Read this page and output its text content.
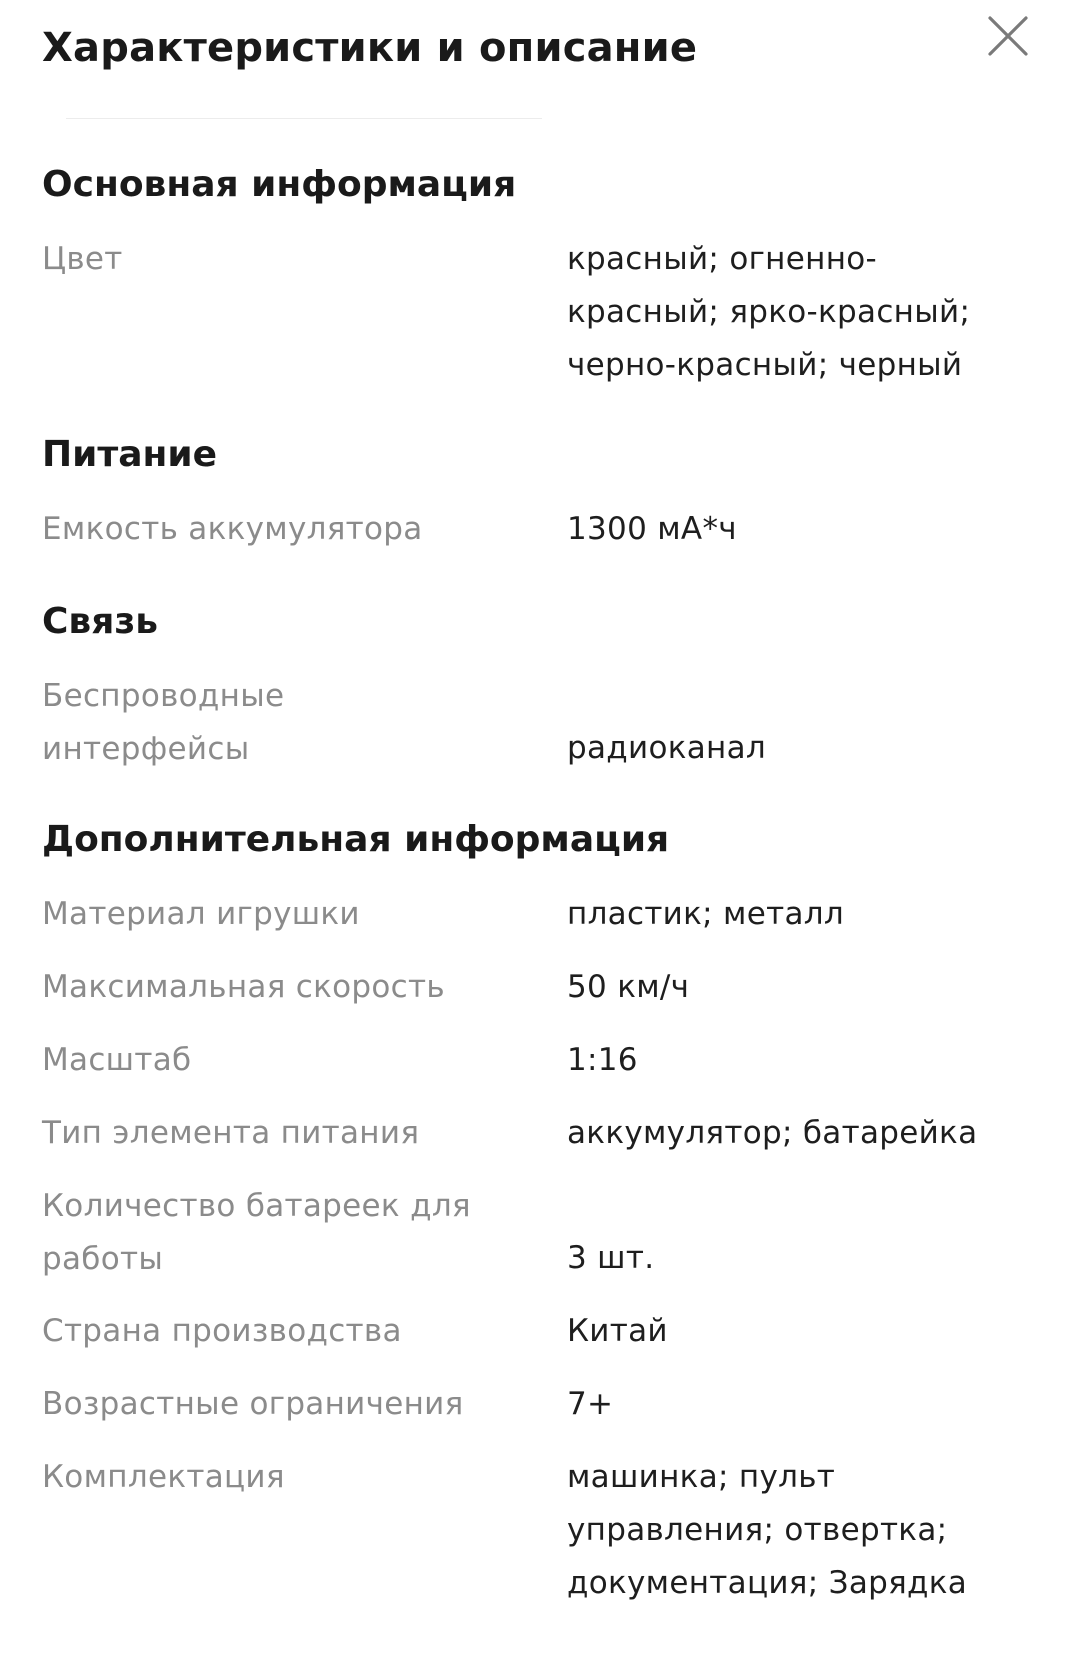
Характеристики и описание
Основная информация
Цвет	красный; огненно-
красный; ярко-красный;
черно-красный; черный
Питание
Емкость аккумулятора	1300 мА*ч
Связь
Беспроводные
интерфейсы	радиоканал
Дополнительная информация
Материал игрушки	пластик; металл
Максимальная скорость	50 км/ч
Масштаб	1:16
Тип элемента питания	аккумулятор; батарейка
Количество батареек для
работы	3 шт.
Страна производства	Китай
Возрастные ограничения	7+
Комплектация	машинка; пульт
управления; отвертка;
документация; Зарядка
